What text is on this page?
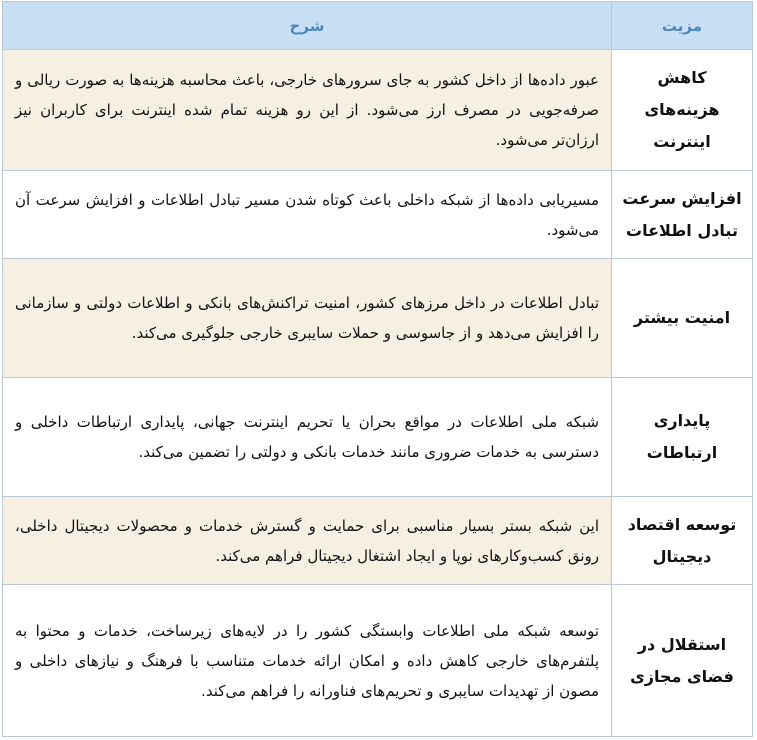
مزیت	شرح

کاهش
هزینه‌های
اینترنت	عبور داده‌ها از داخل کشور به جای سرورهای خارجی، باعث محاسبه هزینه‌ها به صورت ریالی و صرفه‌جویی در مصرف ارز می‌شود. از این رو هزینه تمام شده اینترنت برای کاربران نیز ارزان‌تر می‌شود.

افزایش سرعت
تبادل اطلاعات	مسیریابی داده‌ها از شبکه داخلی باعث کوتاه شدن مسیر تبادل اطلاعات و افزایش سرعت آن می‌شود.

امنیت بیشتر	تبادل اطلاعات در داخل مرزهای کشور، امنیت تراکنش‌های بانکی و اطلاعات دولتی و سازمانی را افزایش می‌دهد و از جاسوسی و حملات سایبری خارجی جلوگیری می‌کند.

پایداری
ارتباطات	شبکه ملی اطلاعات در مواقع بحران یا تحریم اینترنت جهانی، پایداری ارتباطات داخلی و دسترسی به خدمات ضروری مانند خدمات بانکی و دولتی را تضمین می‌کند.

توسعه اقتصاد
دیجیتال	این شبکه بستر بسیار مناسبی برای حمایت و گسترش خدمات و محصولات دیجیتال داخلی، رونق کسب‌وکارهای نوپا و ایجاد اشتغال دیجیتال فراهم می‌کند.

استقلال در
فضای مجازی	توسعه شبکه ملی اطلاعات وابستگی کشور را در لایه‌های زیرساخت، خدمات و محتوا به پلتفرم‌های خارجی کاهش داده و امکان ارائه خدمات متناسب با فرهنگ و نیازهای داخلی و مصون از تهدیدات سایبری و تحریم‌های فناورانه را فراهم می‌کند.
